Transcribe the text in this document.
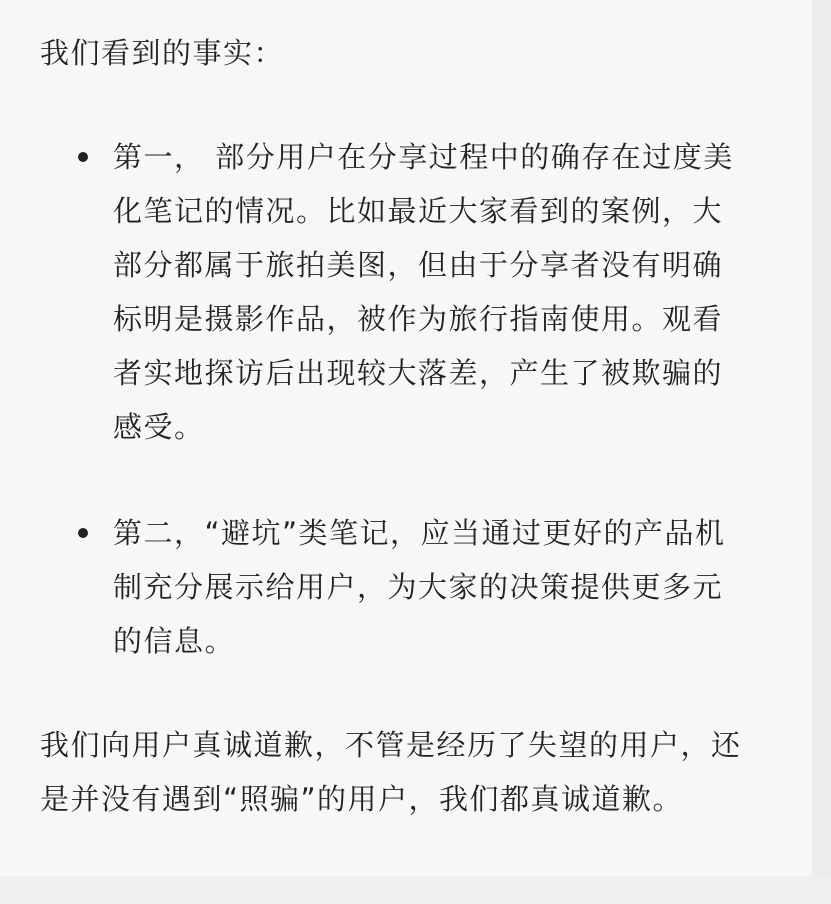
我们看到的事实：

第一， 部分用户在分享过程中的确存在过度美化笔记的情况。比如最近大家看到的案例，大部分都属于旅拍美图，但由于分享者没有明确标明是摄影作品，被作为旅行指南使用。观看者实地探访后出现较大落差，产生了被欺骗的感受。

第二，“避坑”类笔记，应当通过更好的产品机制充分展示给用户，为大家的决策提供更多元的信息。

我们向用户真诚道歉，不管是经历了失望的用户，还是并没有遇到“照骗”的用户，我们都真诚道歉。
